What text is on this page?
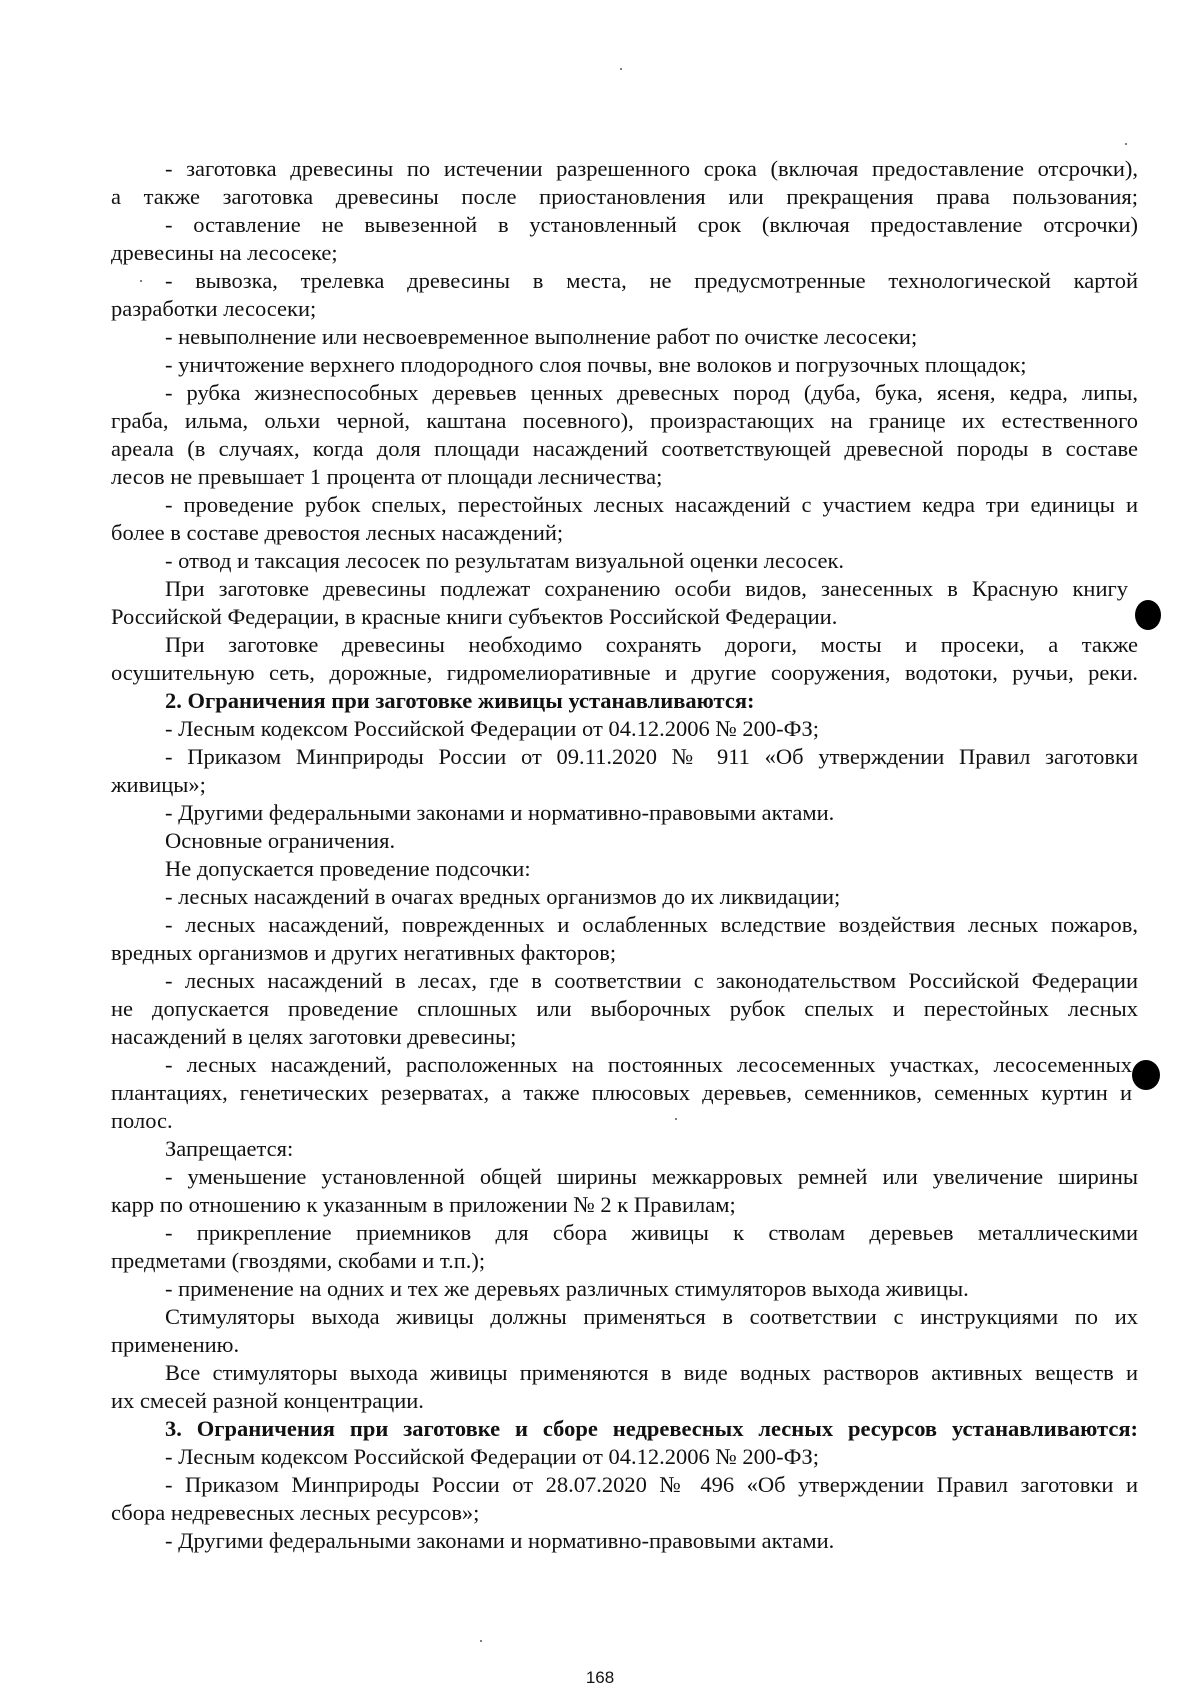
- заготовка древесины по истечении разрешенного срока (включая предоставление отсрочки),
а также заготовка древесины после приостановления или прекращения права пользования;
- оставление не вывезенной в установленный срок (включая предоставление отсрочки)
древесины на лесосеке;
- вывозка, трелевка древесины в места, не предусмотренные технологической картой
разработки лесосеки;
- невыполнение или несвоевременное выполнение работ по очистке лесосеки;
- уничтожение верхнего плодородного слоя почвы, вне волоков и погрузочных площадок;
- рубка жизнеспособных деревьев ценных древесных пород (дуба, бука, ясеня, кедра, липы,
граба, ильма, ольхи черной, каштана посевного), произрастающих на границе их естественного
ареала (в случаях, когда доля площади насаждений соответствующей древесной породы в составе
лесов не превышает 1 процента от площади лесничества;
- проведение рубок спелых, перестойных лесных насаждений с участием кедра три единицы и
более в составе древостоя лесных насаждений;
- отвод и таксация лесосек по результатам визуальной оценки лесосек.
При заготовке древесины подлежат сохранению особи видов, занесенных в Красную книгу
Российской Федерации, в красные книги субъектов Российской Федерации.
При заготовке древесины необходимо сохранять дороги, мосты и просеки, а также
осушительную сеть, дорожные, гидромелиоративные и другие сооружения, водотоки, ручьи, реки.
2. Ограничения при заготовке живицы устанавливаются:
- Лесным кодексом Российской Федерации от 04.12.2006 № 200-ФЗ;
- Приказом Минприроды России от 09.11.2020 № 911 «Об утверждении Правил заготовки
живицы»;
- Другими федеральными законами и нормативно-правовыми актами.
Основные ограничения.
Не допускается проведение подсочки:
- лесных насаждений в очагах вредных организмов до их ликвидации;
- лесных насаждений, поврежденных и ослабленных вследствие воздействия лесных пожаров,
вредных организмов и других негативных факторов;
- лесных насаждений в лесах, где в соответствии с законодательством Российской Федерации
не допускается проведение сплошных или выборочных рубок спелых и перестойных лесных
насаждений в целях заготовки древесины;
- лесных насаждений, расположенных на постоянных лесосеменных участках, лесосеменных
плантациях, генетических резерватах, а также плюсовых деревьев, семенников, семенных куртин и
полос.
Запрещается:
- уменьшение установленной общей ширины межкарровых ремней или увеличение ширины
карр по отношению к указанным в приложении № 2 к Правилам;
- прикрепление приемников для сбора живицы к стволам деревьев металлическими
предметами (гвоздями, скобами и т.п.);
- применение на одних и тех же деревьях различных стимуляторов выхода живицы.
Стимуляторы выхода живицы должны применяться в соответствии с инструкциями по их
применению.
Все стимуляторы выхода живицы применяются в виде водных растворов активных веществ и
их смесей разной концентрации.
3. Ограничения при заготовке и сборе недревесных лесных ресурсов устанавливаются:
- Лесным кодексом Российской Федерации от 04.12.2006 № 200-ФЗ;
- Приказом Минприроды России от 28.07.2020 № 496 «Об утверждении Правил заготовки и
сбора недревесных лесных ресурсов»;
- Другими федеральными законами и нормативно-правовыми актами.
168
